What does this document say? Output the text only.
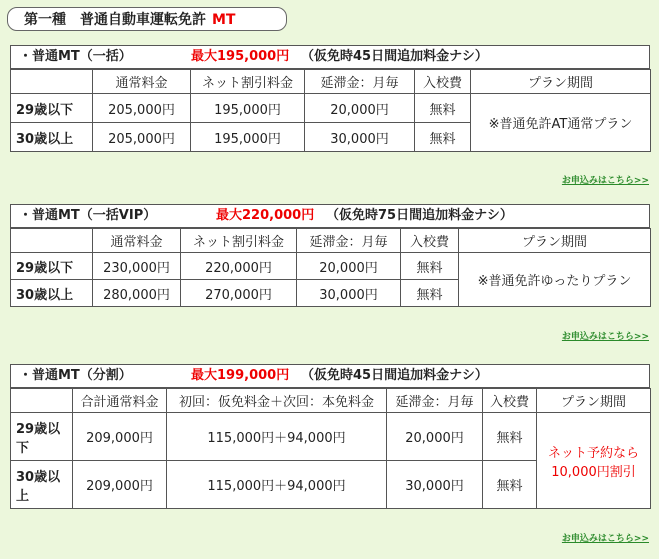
第一種　普通自動車運転免許 MT
・普通MT（一括）	最大195,000円 （仮免時45日間追加料金ナシ）
	通常料金	ネット割引料金	延滞金：月毎	入校費	プラン期間
29歳以下	205,000円	195,000円	20,000円	無料	※普通免許AT通常プラン
30歳以上	205,000円	195,000円	30,000円	無料	
お申込みはこちら>>
・普通MT（一括VIP）	最大220,000円 （仮免時75日間追加料金ナシ）
	通常料金	ネット割引料金	延滞金：月毎	入校費	プラン期間
29歳以下	230,000円	220,000円	20,000円	無料	※普通免許ゆったりプラン
30歳以上	280,000円	270,000円	30,000円	無料	
お申込みはこちら>>
・普通MT（分割）	最大199,000円 （仮免時45日間追加料金ナシ）
	合計通常料金	初回：仮免料金＋次回：本免料金	延滞金：月毎	入校費	プラン期間
29歳以下	209,000円	115,000円＋94,000円	20,000円	無料	ネット予約なら10,000円割引
30歳以上	209,000円	115,000円＋94,000円	30,000円	無料	
お申込みはこちら>>
